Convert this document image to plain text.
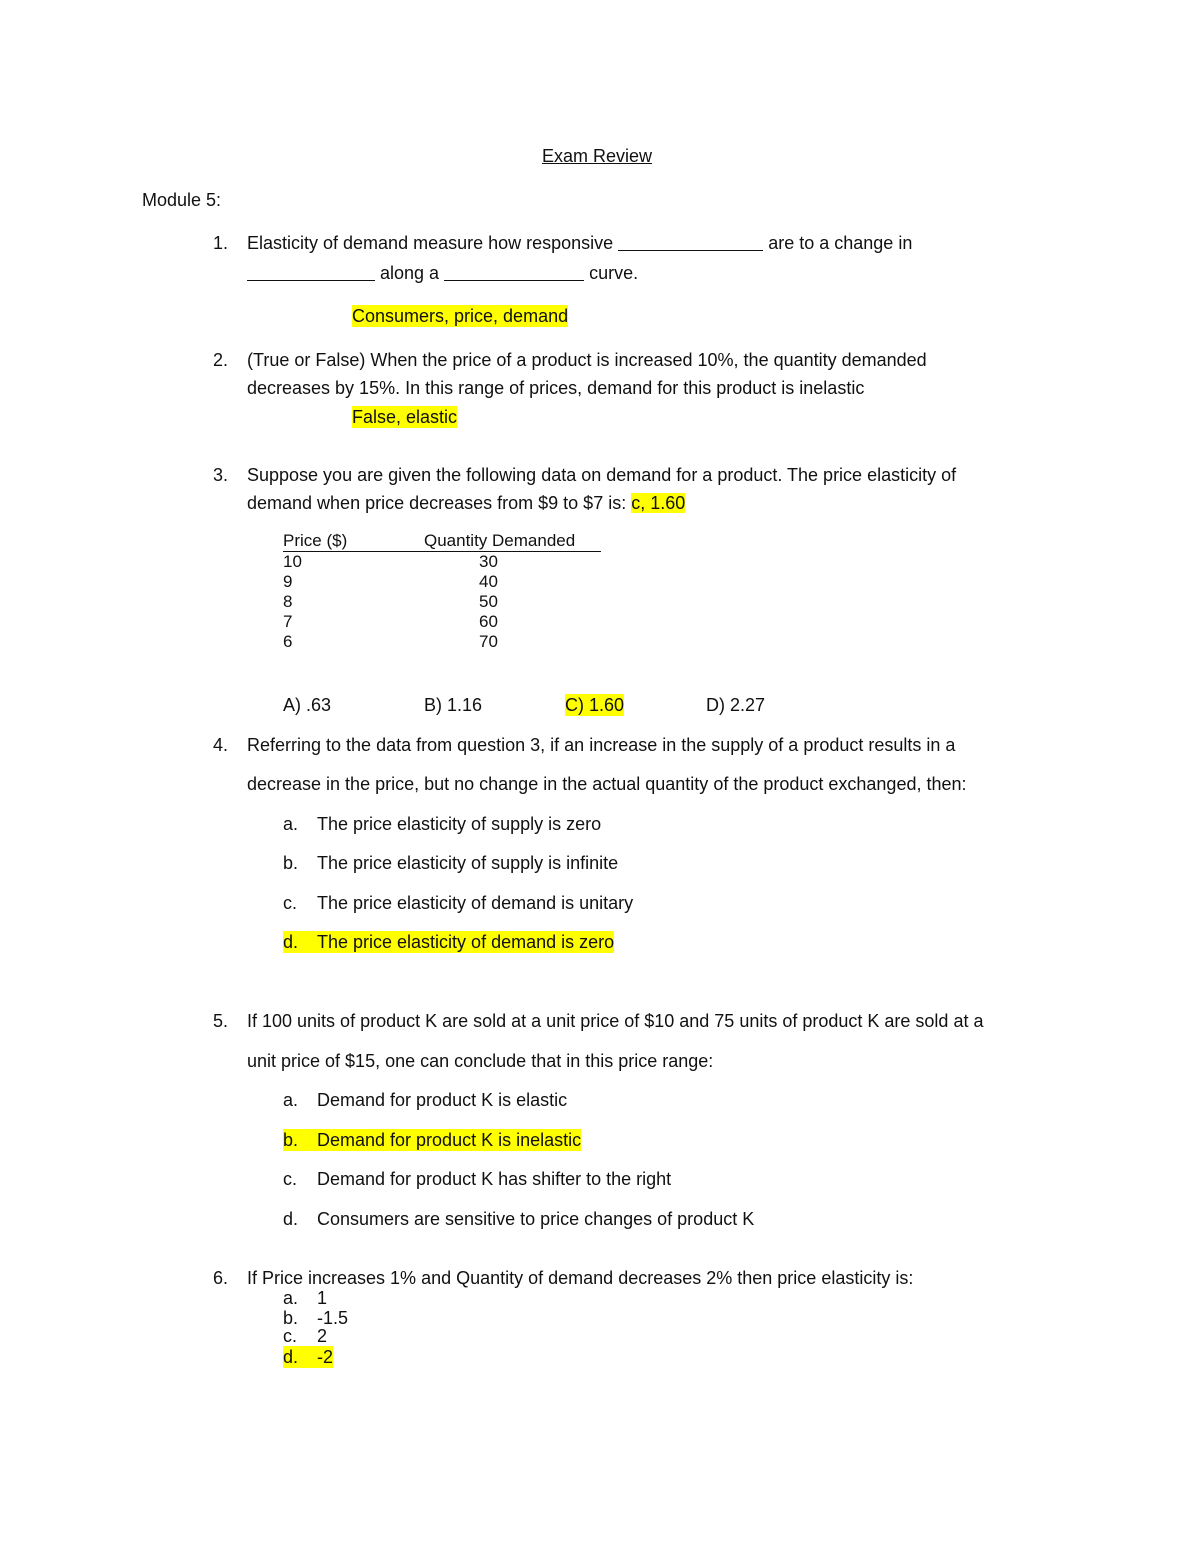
Exam Review
Module 5:
1. Elasticity of demand measure how responsive	are to a change in
along a	curve.
Consumers, price, demand
2. (True or False) When the price of a product is increased 10%, the quantity demanded
decreases by 15%. In this range of prices, demand for this product is inelastic
False, elastic
3. Suppose you are given the following data on demand for a product. The price elasticity of
demand when price decreases from $9 to $7 is: c, 1.60
Price ($)	Quantity Demanded
10	30
9	40
8	50
7	60
6	70
A) .63	B) 1.16	C) 1.60	D) 2.27
4. Referring to the data from question 3, if an increase in the supply of a product results in a
decrease in the price, but no change in the actual quantity of the product exchanged, then:
a. The price elasticity of supply is zero
b. The price elasticity of supply is infinite
c. The price elasticity of demand is unitary
d. The price elasticity of demand is zero
5. If 100 units of product K are sold at a unit price of $10 and 75 units of product K are sold at a
unit price of $15, one can conclude that in this price range:
a. Demand for product K is elastic
b. Demand for product K is inelastic
c. Demand for product K has shifter to the right
d. Consumers are sensitive to price changes of product K
6. If Price increases 1% and Quantity of demand decreases 2% then price elasticity is:
a. 1
b. -1.5
c. 2
d. -2
